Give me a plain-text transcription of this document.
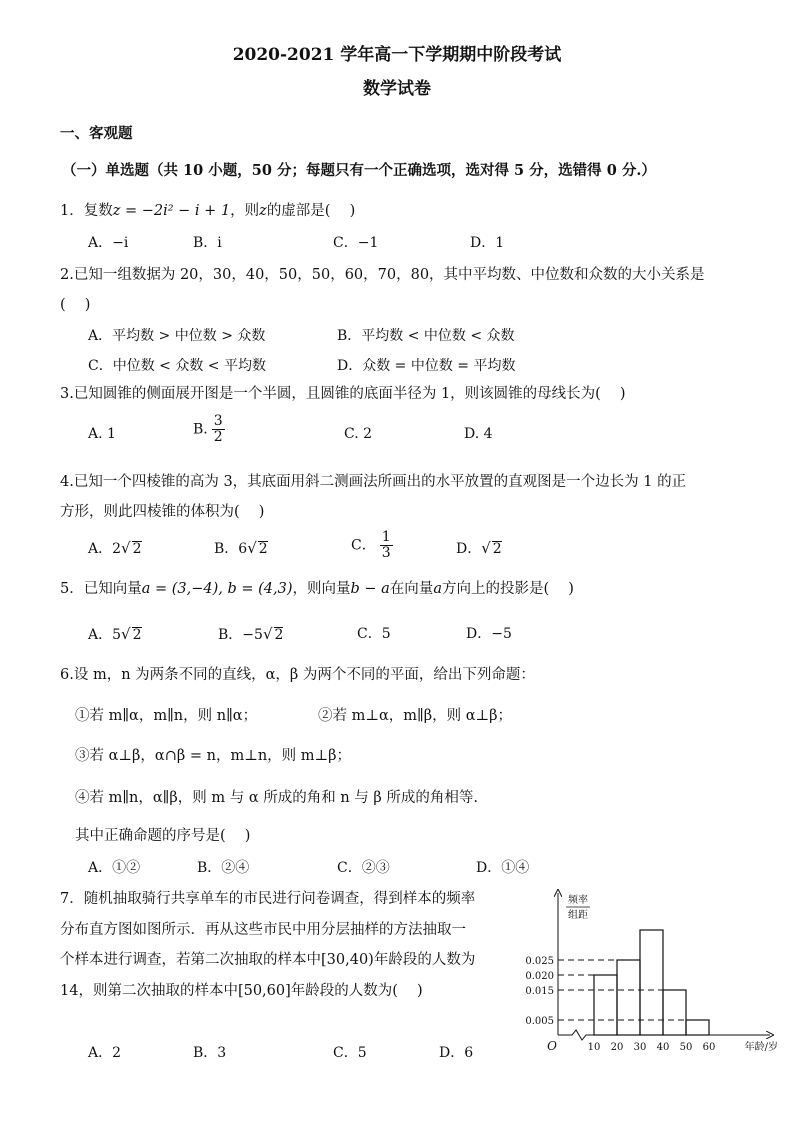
2020-2021 学年高一下学期期中阶段考试
数学试卷
一、客观题
（一）单选题（共 10 小题，50 分；每题只有一个正确选项，选对得 5 分，选错得 0 分.）
1．复数z = −2i² − i + 1，则z的虚部是(　 )
A．−i	B．i	C．−1	D．1
2.已知一组数据为 20，30，40，50，50，60，70，80，其中平均数、中位数和众数的大小关系是
(　 )
A．平均数 > 中位数 > 众数	B．平均数 < 中位数 < 众数
C．中位数 < 众数 < 平均数	D．众数 = 中位数 = 平均数
3.已知圆锥的侧面展开图是一个半圆，且圆锥的底面半径为 1，则该圆锥的母线长为(　 )
A. 1	B. $\frac{3}{2}$	C. 2	D. 4
4.已知一个四棱锥的高为 3，其底面用斜二测画法所画出的水平放置的直观图是一个边长为 1 的正
方形，则此四棱锥的体积为(　 )
A．2√ 2	B．6√ 2	C． $\frac{1}{3}$	D．√ 2
5．已知向量a = (3,−4), b = (4,3)，则向量b − a在向量a方向上的投影是(　 )
A．5√ 2	B．−5√ 2	C．5	D．−5
6.设 m，n 为两条不同的直线，α，β 为两个不同的平面，给出下列命题：
①若 m∥α，m∥n，则 n∥α；	②若 m⊥α，m∥β，则 α⊥β；
③若 α⊥β，α∩β = n，m⊥n，则 m⊥β；
④若 m∥n，α∥β，则 m 与 α 所成的角和 n 与 β 所成的角相等.
其中正确命题的序号是(　 )
A．①②	B．②④	C．②③	D．①④
7．随机抽取骑行共享单车的市民进行问卷调查，得到样本的频率
分布直方图如图所示．再从这些市民中用分层抽样的方法抽取一
个样本进行调查，若第二次抽取的样本中[30,40)年龄段的人数为
14，则第二次抽取的样本中[50,60]年龄段的人数为(　 )
A．2	B．3	C．5	D．6
0.005
0.015
0.020
0.025
10 20 30 40 50 60
O
频率
组距
年龄/岁
